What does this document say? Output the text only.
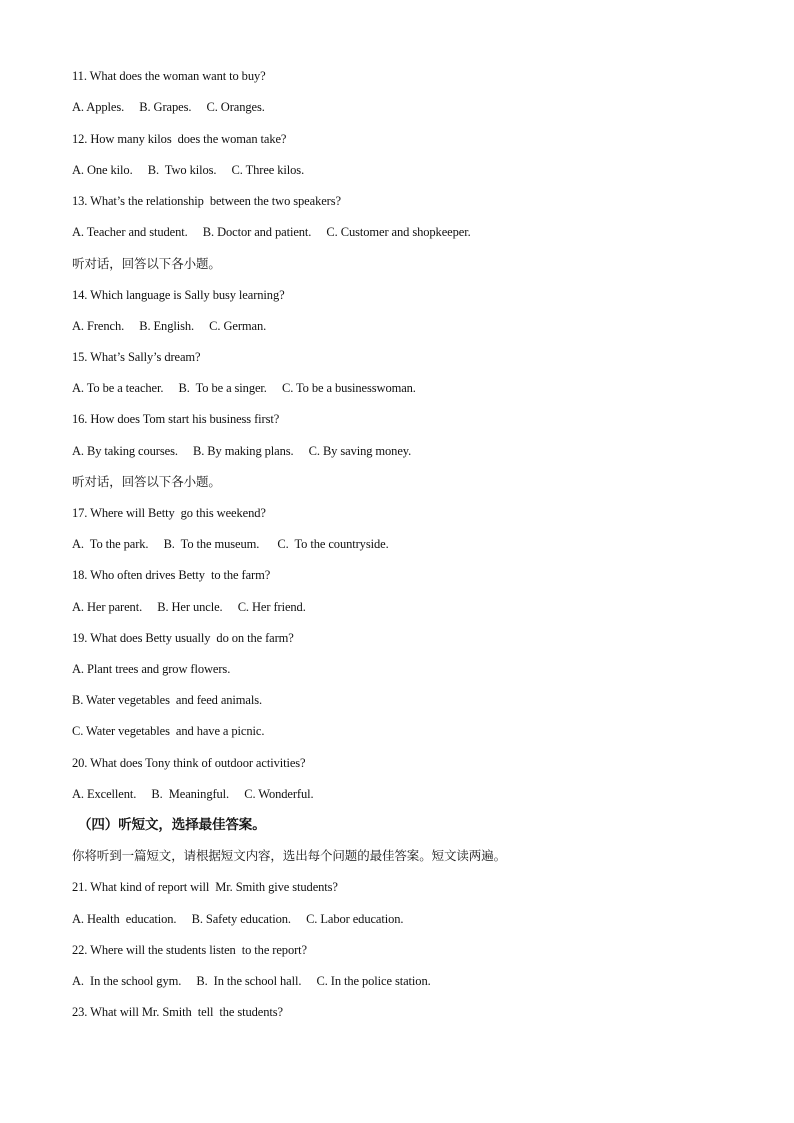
11. What does the woman want to buy?
A. Apples.     B. Grapes.     C. Oranges.
12. How many kilos  does the woman take?
A. One kilo.     B.  Two kilos.     C. Three kilos.
13. What’s the relationship  between the two speakers?
A. Teacher and student.     B. Doctor and patient.     C. Customer and shopkeeper.
听对话，回答以下各小题。
14. Which language is Sally busy learning?
A. French.     B. English.     C. German.
15. What’s Sally’s dream?
A. To be a teacher.     B.  To be a singer.     C. To be a businesswoman.
16. How does Tom start his business first?
A. By taking courses.     B. By making plans.     C. By saving money.
听对话，回答以下各小题。
17. Where will Betty  go this weekend?
A.  To the park.     B.  To the museum.      C.  To the countryside.
18. Who often drives Betty  to the farm?
A. Her parent.     B. Her uncle.     C. Her friend.
19. What does Betty usually  do on the farm?
A. Plant trees and grow flowers.
B. Water vegetables  and feed animals.
C. Water vegetables  and have a picnic.
20. What does Tony think of outdoor activities?
A. Excellent.     B.  Meaningful.     C. Wonderful.
（四）听短文，选择最佳答案。
你将听到一篇短文，请根据短文内容，选出每个问题的最佳答案。短文读两遍。
21. What kind of report will  Mr. Smith give students?
A. Health  education.     B. Safety education.     C. Labor education.
22. Where will the students listen  to the report?
A.  In the school gym.     B.  In the school hall.     C. In the police station.
23. What will Mr. Smith  tell  the students?
